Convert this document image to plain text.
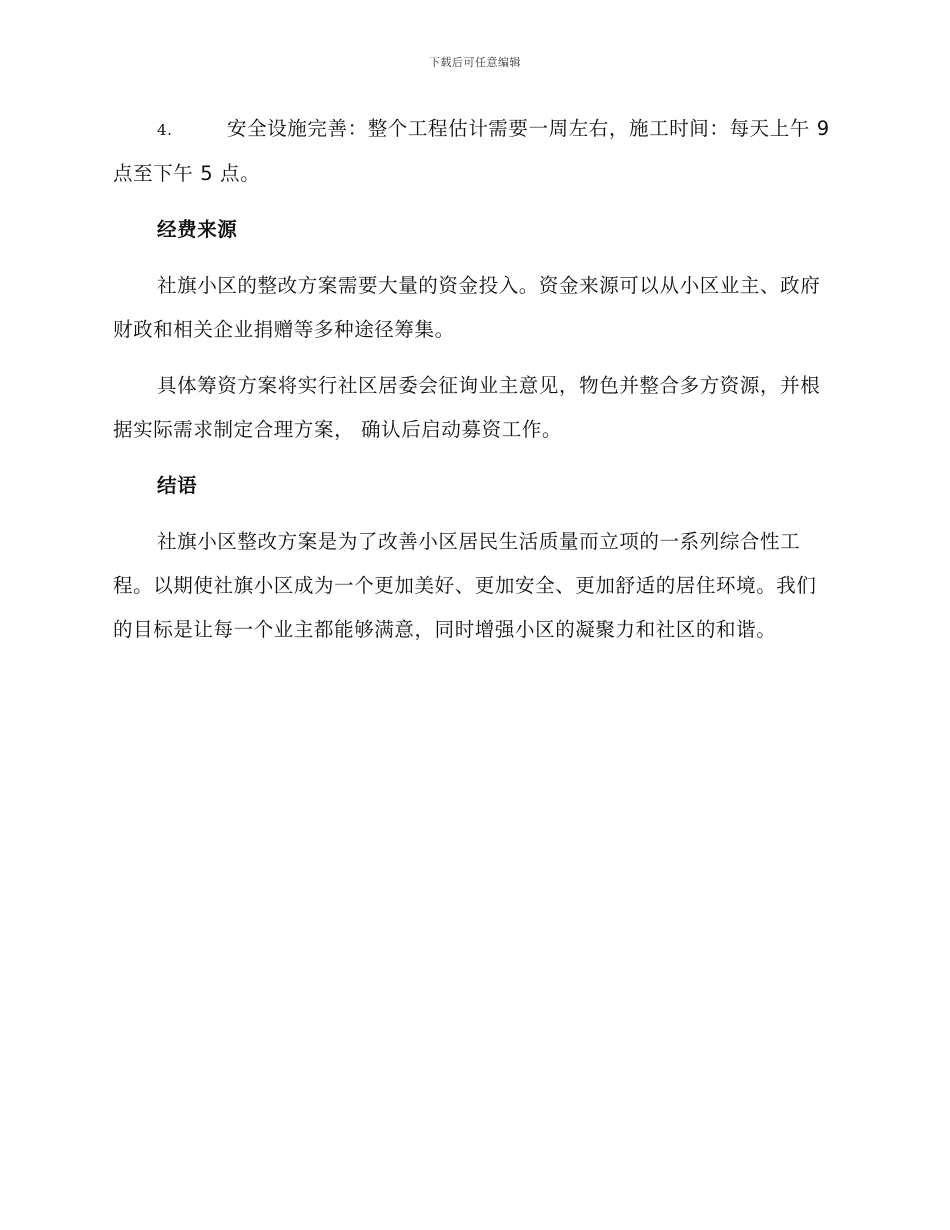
下载后可任意编辑

4.	安全设施完善：整个工程估计需要一周左右，施工时间：每天上午 9 点至下午 5 点。

经费来源

社旗小区的整改方案需要大量的资金投入。资金来源可以从小区业主、政府财政和相关企业捐赠等多种途径筹集。

具体筹资方案将实行社区居委会征询业主意见，物色并整合多方资源，并根据实际需求制定合理方案， 确认后启动募资工作。

结语

社旗小区整改方案是为了改善小区居民生活质量而立项的一系列综合性工程。以期使社旗小区成为一个更加美好、更加安全、更加舒适的居住环境。我们的目标是让每一个业主都能够满意，同时增强小区的凝聚力和社区的和谐。
